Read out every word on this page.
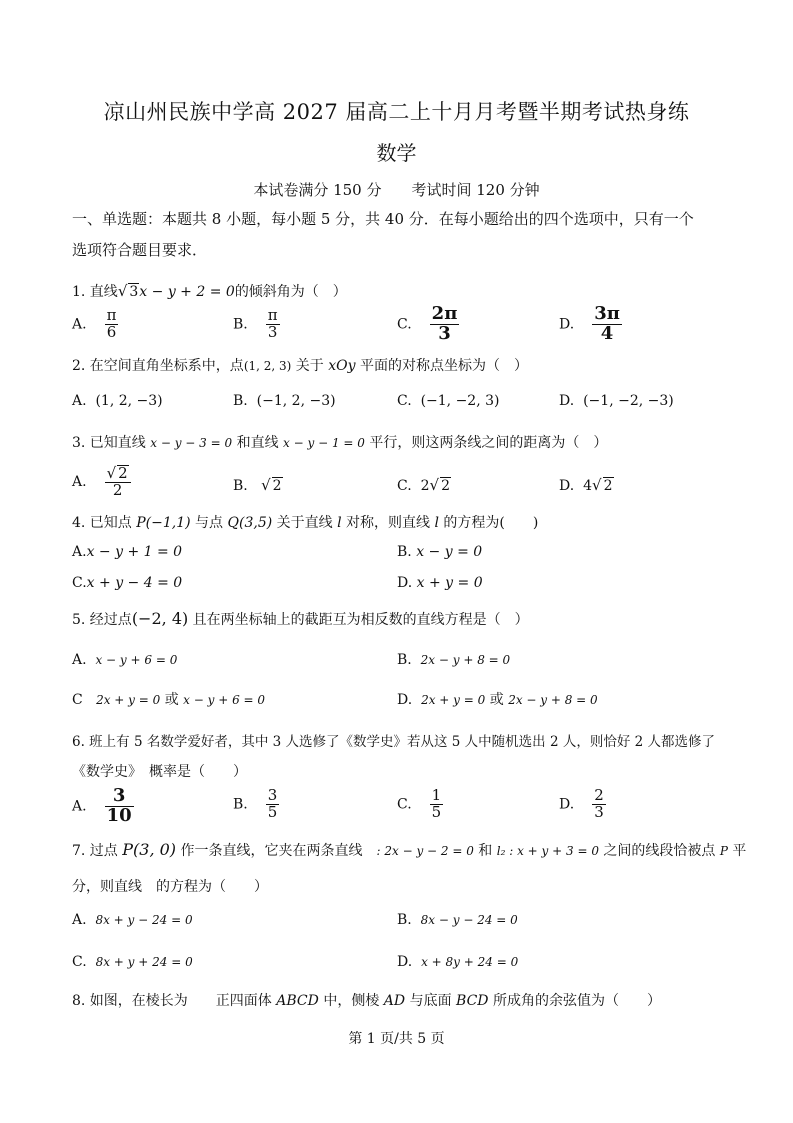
凉山州民族中学高 2027 届高二上十月月考暨半期考试热身练
数学
本试卷满分 150 分　　考试时间 120 分钟
一、单选题：本题共 8 小题，每小题 5 分，共 40 分．在每小题给出的四个选项中，只有一个
选项符合题目要求．
1. 直线√ 3x − y + 2 = 0的倾斜角为（　）
A. $\frac{\pi}{6}$	B. $\frac{\pi}{3}$	C. $\frac{2\pi}{3}$	D. $\frac{3\pi}{4}$
2. 在空间直角坐标系中，点(1, 2, 3) 关于 xOy 平面的对称点坐标为（　）
A. (1, 2, −3)	B. (−1, 2, −3)	C. (−1, −2, 3)	D. (−1, −2, −3)
3. 已知直线 x − y − 3 = 0 和直线 x − y − 1 = 0 平行，则这两条线之间的距离为（　）
A. $\frac{√ 2}{2}$	B. √ 2	C. 2√ 2	D. 4√ 2
4. 已知点 P(−1,1) 与点 Q(3,5) 关于直线 l 对称，则直线 l 的方程为(　　)
A.x − y + 1 = 0	B. x − y = 0
C.x + y − 4 = 0	D. x + y = 0
5. 经过点(−2, 4) 且在两坐标轴上的截距互为相反数的直线方程是（　）
A. x − y + 6 = 0	B. 2x − y + 8 = 0
C 2x + y = 0 或 x − y + 6 = 0	D. 2x + y = 0 或 2x − y + 8 = 0
6. 班上有 5 名数学爱好者，其中 3 人选修了《数学史》若从这 5 人中随机选出 2 人，则恰好 2 人都选修了
《数学史》　概率是（　　）
A. $\frac{3}{10}$	B. $\frac{3}{5}$	C. $\frac{1}{5}$	D. $\frac{2}{3}$
7. 过点 P(3, 0) 作一条直线，它夹在两条直线　: 2x − y − 2 = 0 和 l₂ : x + y + 3 = 0 之间的线段恰被点 P 平
分，则直线　的方程为（　　）
A. 8x + y − 24 = 0	B. 8x − y − 24 = 0
C. 8x + y + 24 = 0	D. x + 8y + 24 = 0
8. 如图，在棱长为　　正四面体 ABCD 中，侧棱 AD 与底面 BCD 所成角的余弦值为（　　）
第 1 页/共 5 页
